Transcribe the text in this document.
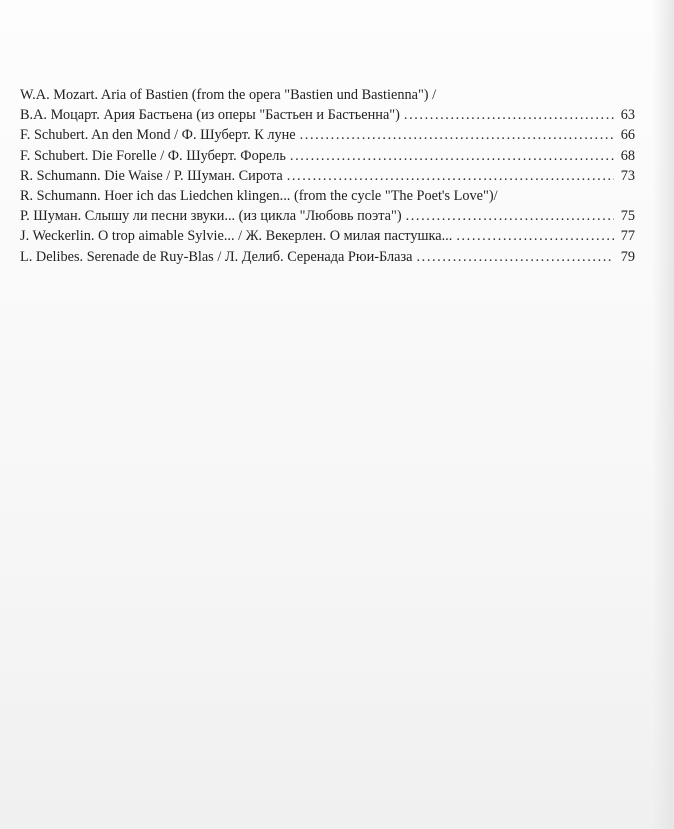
W.A. Mozart. Aria of Bastien (from the opera "Bastien und Bastienna") /
В.А. Моцарт. Ария Бастьена (из оперы "Бастьен и Бастьенна") .....	63
F. Schubert. An den Mond / Ф. Шуберт. К луне .....	66
F. Schubert. Die Forelle / Ф. Шуберт. Форель .....	68
R. Schumann. Die Waise / Р. Шуман. Сирота .....	73
R. Schumann. Hoer ich das Liedchen klingen... (from the cycle "The Poet's Love")/
Р. Шуман. Слышу ли песни звуки... (из цикла "Любовь поэта") .....	75
J. Weckerlin. O trop aimable Sylvie... / Ж. Векерлен. О милая пастушка... .....	77
L. Delibes. Serenade de Ruy-Blas / Л. Делиб. Серенада Рюи-Блаза .....	79
